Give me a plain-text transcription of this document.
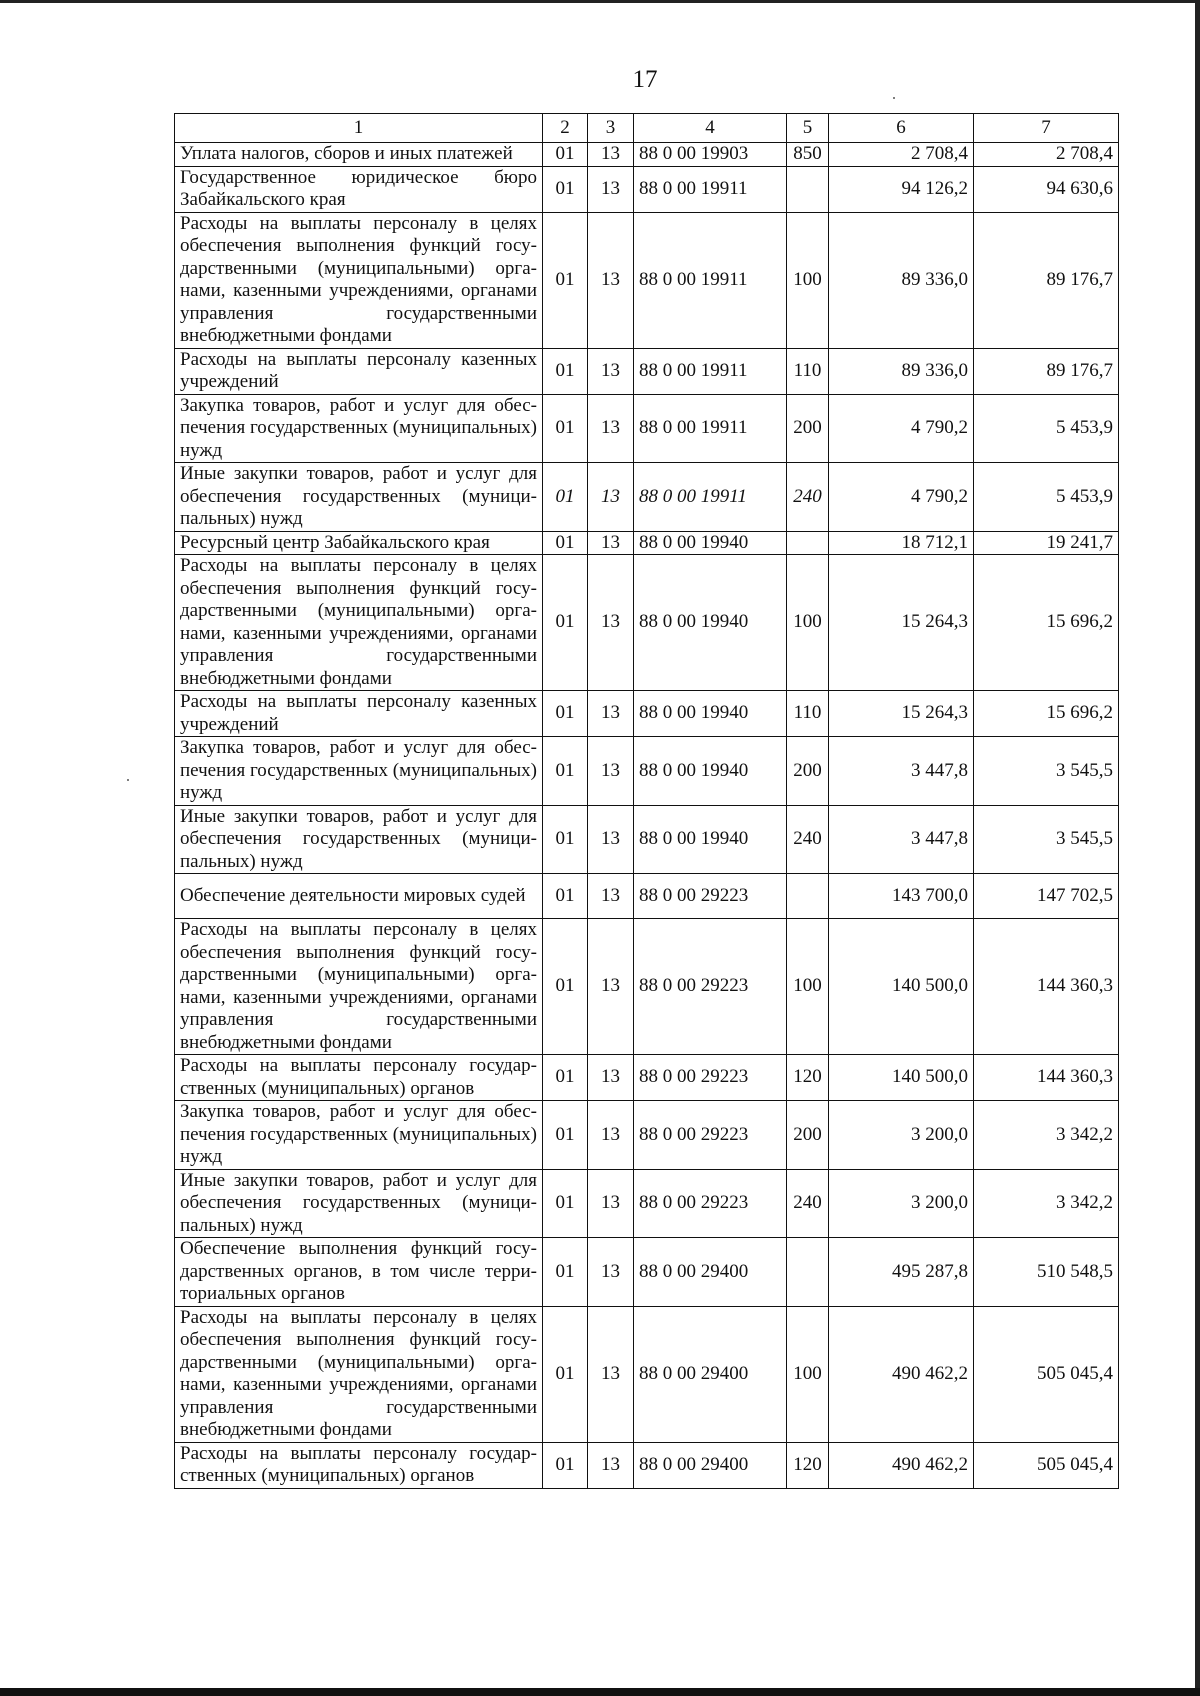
17
1	2	3	4	5	6	7
Уплата налогов, сборов и иных платежей	01	13	88 0 00 19903	850	2 708,4	2 708,4
Государственное юридическое бюро Забайкальского края	01	13	88 0 00 19911		94 126,2	94 630,6
Расходы на выплаты персоналу в целях обеспечения выполнения функций государственными (муниципальными) органами, казенными учреждениями, органами управления государственными внебюджетными фондами	01	13	88 0 00 19911	100	89 336,0	89 176,7
Расходы на выплаты персоналу казенных учреждений	01	13	88 0 00 19911	110	89 336,0	89 176,7
Закупка товаров, работ и услуг для обеспечения государственных (муниципальных) нужд	01	13	88 0 00 19911	200	4 790,2	5 453,9
Иные закупки товаров, работ и услуг для обеспечения государственных (муниципальных) нужд	01	13	88 0 00 19911	240	4 790,2	5 453,9
Ресурсный центр Забайкальского края	01	13	88 0 00 19940		18 712,1	19 241,7
Расходы на выплаты персоналу в целях обеспечения выполнения функций государственными (муниципальными) органами, казенными учреждениями, органами управления государственными внебюджетными фондами	01	13	88 0 00 19940	100	15 264,3	15 696,2
Расходы на выплаты персоналу казенных учреждений	01	13	88 0 00 19940	110	15 264,3	15 696,2
Закупка товаров, работ и услуг для обеспечения государственных (муниципальных) нужд	01	13	88 0 00 19940	200	3 447,8	3 545,5
Иные закупки товаров, работ и услуг для обеспечения государственных (муниципальных) нужд	01	13	88 0 00 19940	240	3 447,8	3 545,5
Обеспечение деятельности мировых судей	01	13	88 0 00 29223		143 700,0	147 702,5
Расходы на выплаты персоналу в целях обеспечения выполнения функций государственными (муниципальными) органами, казенными учреждениями, органами управления государственными внебюджетными фондами	01	13	88 0 00 29223	100	140 500,0	144 360,3
Расходы на выплаты персоналу государственных (муниципальных) органов	01	13	88 0 00 29223	120	140 500,0	144 360,3
Закупка товаров, работ и услуг для обеспечения государственных (муниципальных) нужд	01	13	88 0 00 29223	200	3 200,0	3 342,2
Иные закупки товаров, работ и услуг для обеспечения государственных (муниципальных) нужд	01	13	88 0 00 29223	240	3 200,0	3 342,2
Обеспечение выполнения функций государственных органов, в том числе территориальных органов	01	13	88 0 00 29400		495 287,8	510 548,5
Расходы на выплаты персоналу в целях обеспечения выполнения функций государственными (муниципальными) органами, казенными учреждениями, органами управления государственными внебюджетными фондами	01	13	88 0 00 29400	100	490 462,2	505 045,4
Расходы на выплаты персоналу государственных (муниципальных) органов	01	13	88 0 00 29400	120	490 462,2	505 045,4
